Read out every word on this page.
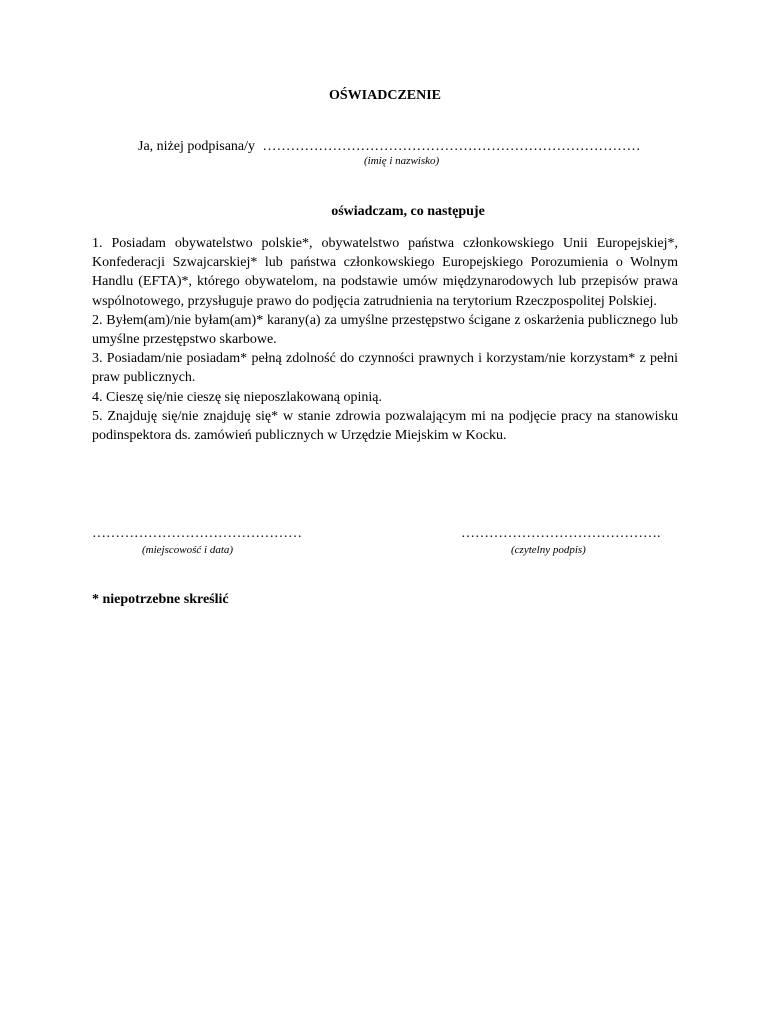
OŚWIADCZENIE
Ja, niżej podpisana/y ………………………………………………………………………
(imię i nazwisko)
oświadczam, co następuje

1. Posiadam obywatelstwo polskie*, obywatelstwo państwa członkowskiego Unii Europejskiej*, Konfederacji Szwajcarskiej* lub państwa członkowskiego Europejskiego Porozumienia o Wolnym Handlu (EFTA)*, którego obywatelom, na podstawie umów międzynarodowych lub przepisów prawa wspólnotowego, przysługuje prawo do podjęcia zatrudnienia na terytorium Rzeczpospolitej Polskiej.

2. Byłem(am)/nie byłam(am)* karany(a) za umyślne przestępstwo ścigane z oskarżenia publicznego lub umyślne przestępstwo skarbowe.

3. Posiadam/nie posiadam* pełną zdolność do czynności prawnych i korzystam/nie korzystam* z pełni praw publicznych.

4. Cieszę się/nie cieszę się nieposzlakowaną opinią.

5. Znajduję się/nie znajduję się* w stanie zdrowia pozwalającym mi na podjęcie pracy na stanowisku podinspektora ds. zamówień publicznych w Urzędzie Miejskim w Kocku.

………………………………………	…………………………………….
(miejscowość i data)	(czytelny podpis)
* niepotrzebne skreślić
